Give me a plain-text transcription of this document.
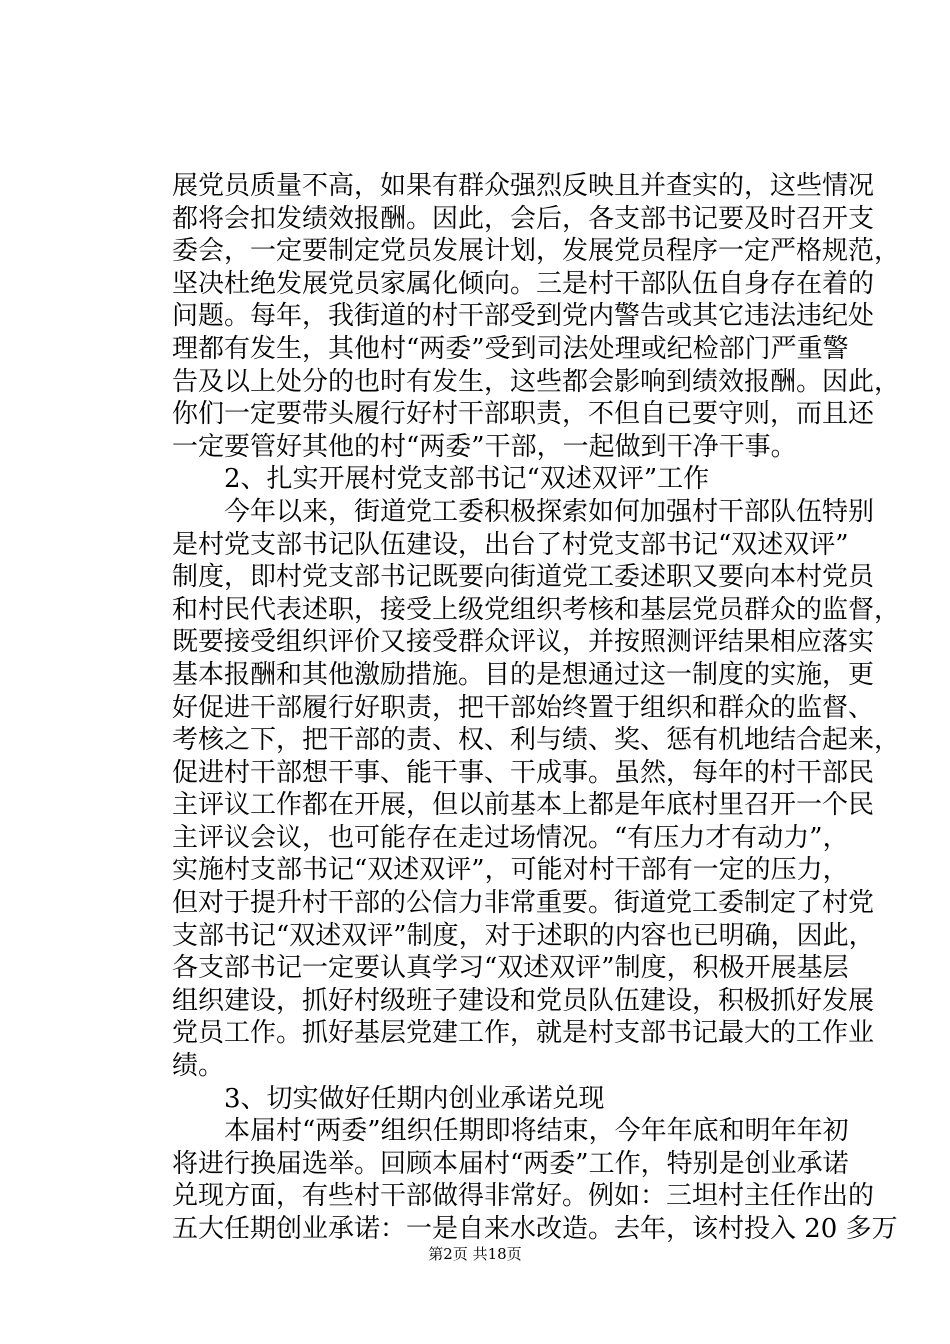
展党员质量不高，如果有群众强烈反映且并查实的，这些情况
都将会扣发绩效报酬。因此，会后，各支部书记要及时召开支
委会，一定要制定党员发展计划，发展党员程序一定严格规范，
坚决杜绝发展党员家属化倾向。三是村干部队伍自身存在着的
问题。每年，我街道的村干部受到党内警告或其它违法违纪处
理都有发生，其他村“两委”受到司法处理或纪检部门严重警
告及以上处分的也时有发生，这些都会影响到绩效报酬。因此，
你们一定要带头履行好村干部职责，不但自已要守则，而且还
一定要管好其他的村“两委”干部，一起做到干净干事。
　　2、扎实开展村党支部书记“双述双评”工作
　　今年以来，街道党工委积极探索如何加强村干部队伍特别
是村党支部书记队伍建设，出台了村党支部书记“双述双评”
制度，即村党支部书记既要向街道党工委述职又要向本村党员
和村民代表述职，接受上级党组织考核和基层党员群众的监督，
既要接受组织评价又接受群众评议，并按照测评结果相应落实
基本报酬和其他激励措施。目的是想通过这一制度的实施，更
好促进干部履行好职责，把干部始终置于组织和群众的监督、
考核之下，把干部的责、权、利与绩、奖、惩有机地结合起来，
促进村干部想干事、能干事、干成事。虽然，每年的村干部民
主评议工作都在开展，但以前基本上都是年底村里召开一个民
主评议会议，也可能存在走过场情况。“有压力才有动力”，
实施村支部书记“双述双评”，可能对村干部有一定的压力，
但对于提升村干部的公信力非常重要。街道党工委制定了村党
支部书记“双述双评”制度，对于述职的内容也已明确，因此，
各支部书记一定要认真学习“双述双评”制度，积极开展基层
组织建设，抓好村级班子建设和党员队伍建设，积极抓好发展
党员工作。抓好基层党建工作，就是村支部书记最大的工作业
绩。
　　3、切实做好任期内创业承诺兑现
　　本届村“两委”组织任期即将结束，今年年底和明年年初
将进行换届选举。回顾本届村“两委”工作，特别是创业承诺
兑现方面，有些村干部做得非常好。例如：三坦村主任作出的
五大任期创业承诺：一是自来水改造。去年，该村投入 20 多万
第2页 共18页
